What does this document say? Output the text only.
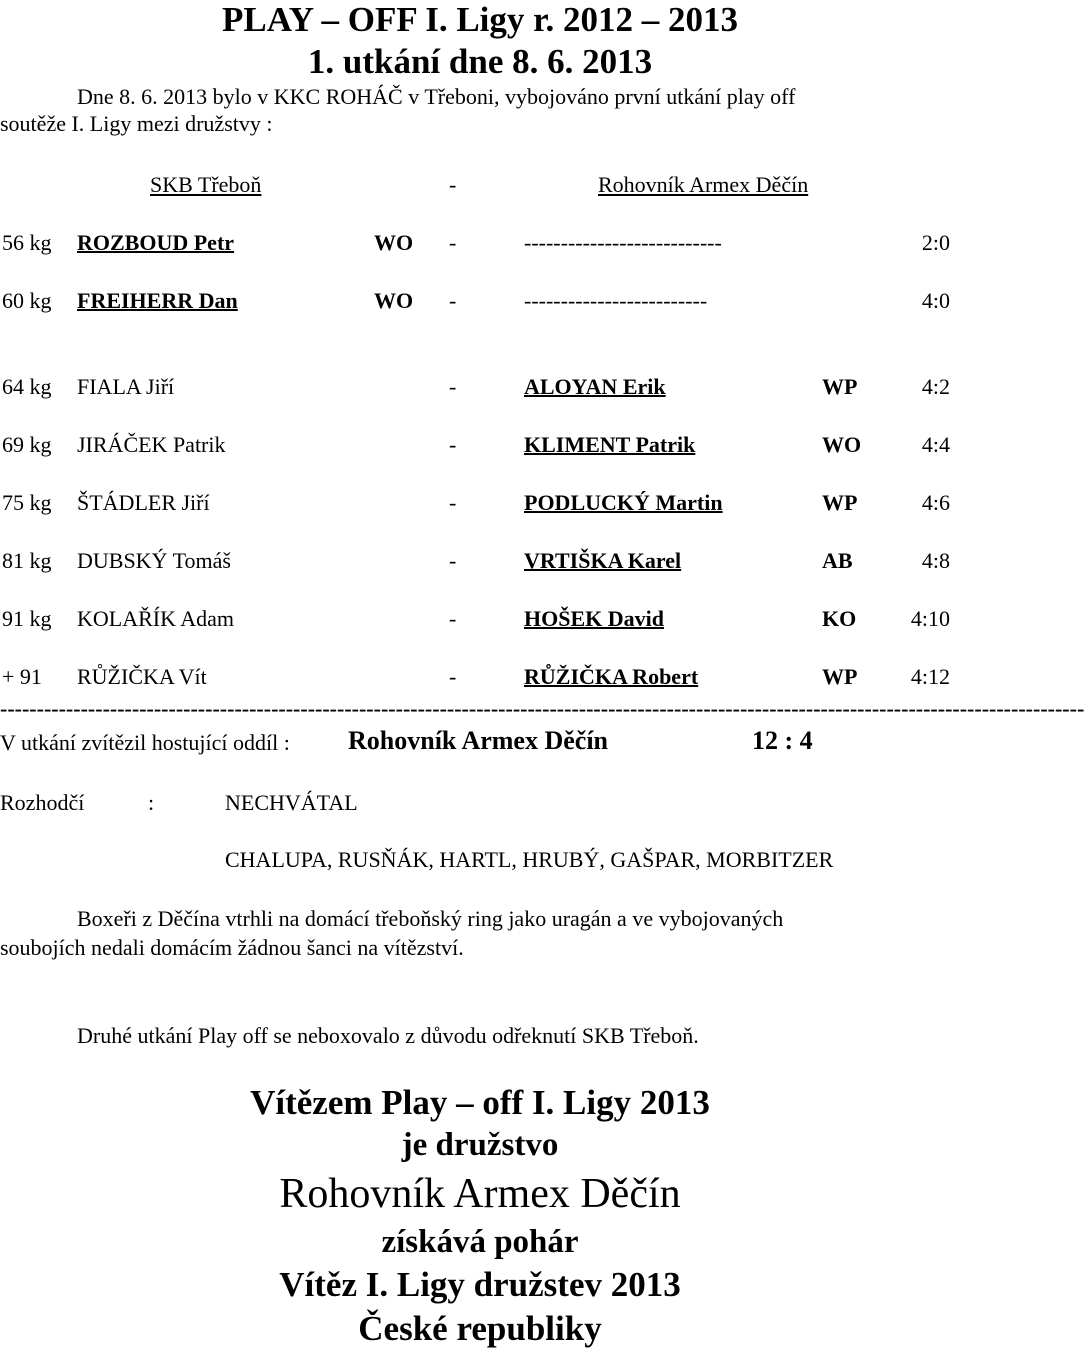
PLAY – OFF I. Ligy r. 2012 – 2013
1. utkání dne 8. 6. 2013
Dne 8. 6. 2013 bylo v KKC ROHÁČ v Třeboni, vybojováno první utkání play off
soutěže I. Ligy mezi družstvy :
SKB Třeboň	-	Rohovník Armex Děčín
56 kg ROZBOUD Petr	WO	-	---------------------------	2:0
60 kg FREIHERR Dan	WO	-	-------------------------	4:0
64 kg FIALA Jiří	-	ALOYAN Erik	WP	4:2
69 kg JIRÁČEK Patrik	-	KLIMENT Patrik	WO	4:4
75 kg ŠTÁDLER Jiří	-	PODLUCKÝ Martin	WP	4:6
81 kg DUBSKÝ Tomáš	-	VRTIŠKA Karel	AB	4:8
91 kg KOLAŘÍK Adam	-	HOŠEK David	KO	4:10
+ 91 RŮŽIČKA Vít	-	RŮŽIČKA Robert	WP	4:12
----------------------------------------------------------------------------------------------------------------------------------------------------
V utkání zvítězil hostující oddíl : Rohovník Armex Děčín	12 : 4
Rozhodčí	:	NECHVÁTAL
CHALUPA, RUSŇÁK, HARTL, HRUBÝ, GAŠPAR, MORBITZER
Boxeři z Děčína vtrhli na domácí třeboňský ring jako uragán a ve vybojovaných
soubojích nedali domácím žádnou šanci na vítězství.
Druhé utkání Play off se neboxovalo z důvodu odřeknutí SKB Třeboň.
Vítězem Play – off I. Ligy 2013
je družstvo
Rohovník Armex Děčín
získává pohár
Vítěz I. Ligy družstev 2013
České republiky
